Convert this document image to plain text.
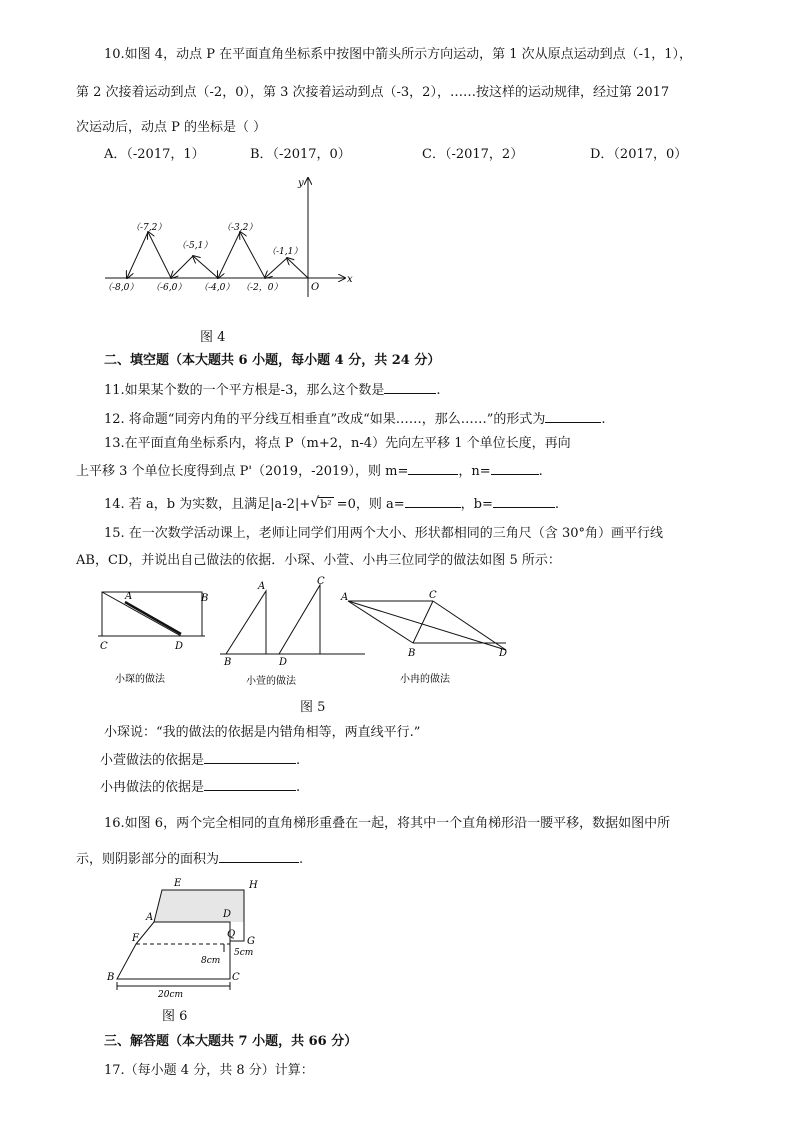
10.如图 4，动点 P 在平面直角坐标系中按图中箭头所示方向运动，第 1 次从原点运动到点（-1，1），
第 2 次接着运动到点（-2，0），第 3 次接着运动到点（-3，2），……按这样的运动规律，经过第 2017
次运动后，动点 P 的坐标是（ ）
A．（-2017，1）	B．（-2017，0）	C．（-2017，2）	D．（2017，0）
x
y
O
（-7,2）
（-5,1）
（-3,2）
（-1,1）
（-8,0） （-6,0） （-4,0） （-2，0）
图 4
二、填空题（本大题共 6 小题，每小题 4 分，共 24 分）
11.如果某个数的一个平方根是-3，那么这个数是	.
12. 将命题“同旁内角的平分线互相垂直”改成“如果……，那么……”的形式为	.
13.在平面直角坐标系内，将点 P（m+2，n-4）先向左平移 1 个单位长度，再向
上平移 3 个单位长度得到点 P'（2019，-2019），则 m=	，n=	.
14. 若 a，b 为实数，且满足|a-2|+ √ b² =0，则 a=	，b=	.
15. 在一次数学活动课上，老师让同学们用两个大小、形状都相同的三角尺（含 30°角）画平行线
AB，CD，并说出自己做法的依据．小琛、小萱、小冉三位同学的做法如图 5 所示：
A	B
C	D
A	C
B	D
A	C
B	D
小琛的做法	小萱的做法	小冉的做法
图 5
小琛说：“我的做法的依据是内错角相等，两直线平行.”
小萱做法的依据是	.
小冉做法的依据是	.
16.如图 6，两个完全相同的直角梯形重叠在一起，将其中一个直角梯形沿一腰平移，数据如图中所
示，则阴影部分的面积为	.
E	H
A	D
F	Q
G
B	C
8cm
5cm
20cm
图 6
三、解答题（本大题共 7 小题，共 66 分）
17.（每小题 4 分，共 8 分）计算：
